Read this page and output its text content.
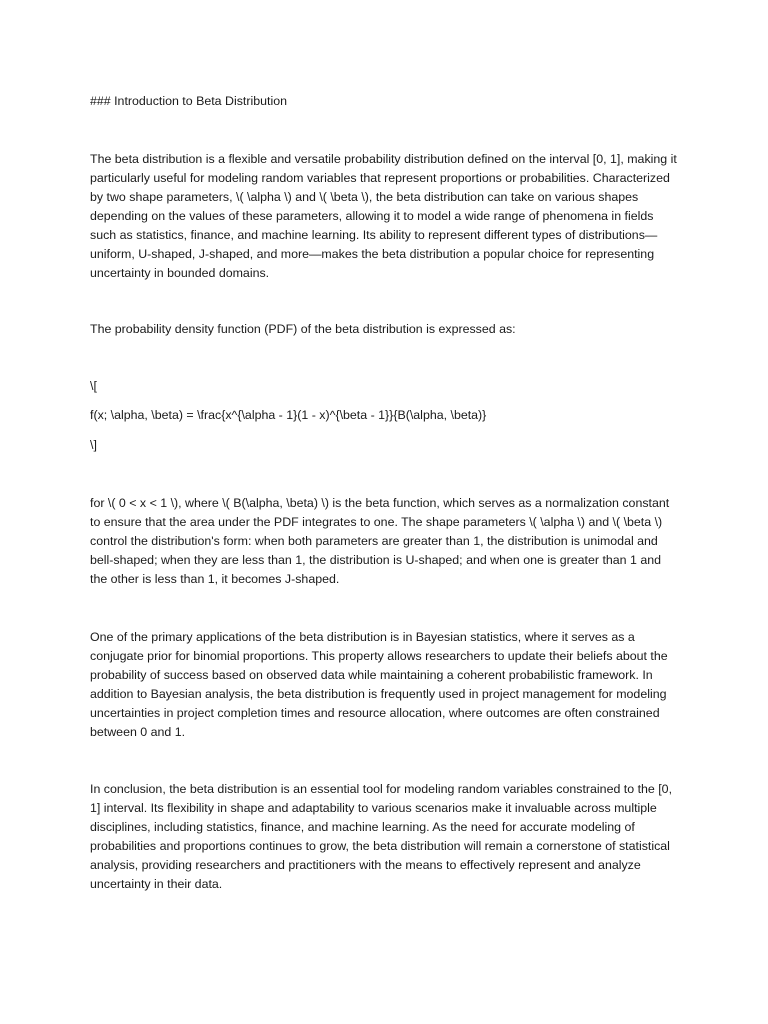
### Introduction to Beta Distribution

The beta distribution is a flexible and versatile probability distribution defined on the interval [0, 1], making it particularly useful for modeling random variables that represent proportions or probabilities. Characterized by two shape parameters, \( \alpha \) and \( \beta \), the beta distribution can take on various shapes depending on the values of these parameters, allowing it to model a wide range of phenomena in fields such as statistics, finance, and machine learning. Its ability to represent different types of distributions—uniform, U-shaped, J-shaped, and more—makes the beta distribution a popular choice for representing uncertainty in bounded domains.

The probability density function (PDF) of the beta distribution is expressed as:

\[

f(x; \alpha, \beta) = \frac{x^{\alpha - 1}(1 - x)^{\beta - 1}}{B(\alpha, \beta)}

\]

for \( 0 < x < 1 \), where \( B(\alpha, \beta) \) is the beta function, which serves as a normalization constant to ensure that the area under the PDF integrates to one. The shape parameters \( \alpha \) and \( \beta \) control the distribution's form: when both parameters are greater than 1, the distribution is unimodal and bell-shaped; when they are less than 1, the distribution is U-shaped; and when one is greater than 1 and the other is less than 1, it becomes J-shaped.

One of the primary applications of the beta distribution is in Bayesian statistics, where it serves as a conjugate prior for binomial proportions. This property allows researchers to update their beliefs about the probability of success based on observed data while maintaining a coherent probabilistic framework. In addition to Bayesian analysis, the beta distribution is frequently used in project management for modeling uncertainties in project completion times and resource allocation, where outcomes are often constrained between 0 and 1.

In conclusion, the beta distribution is an essential tool for modeling random variables constrained to the [0, 1] interval. Its flexibility in shape and adaptability to various scenarios make it invaluable across multiple disciplines, including statistics, finance, and machine learning. As the need for accurate modeling of probabilities and proportions continues to grow, the beta distribution will remain a cornerstone of statistical analysis, providing researchers and practitioners with the means to effectively represent and analyze uncertainty in their data.
